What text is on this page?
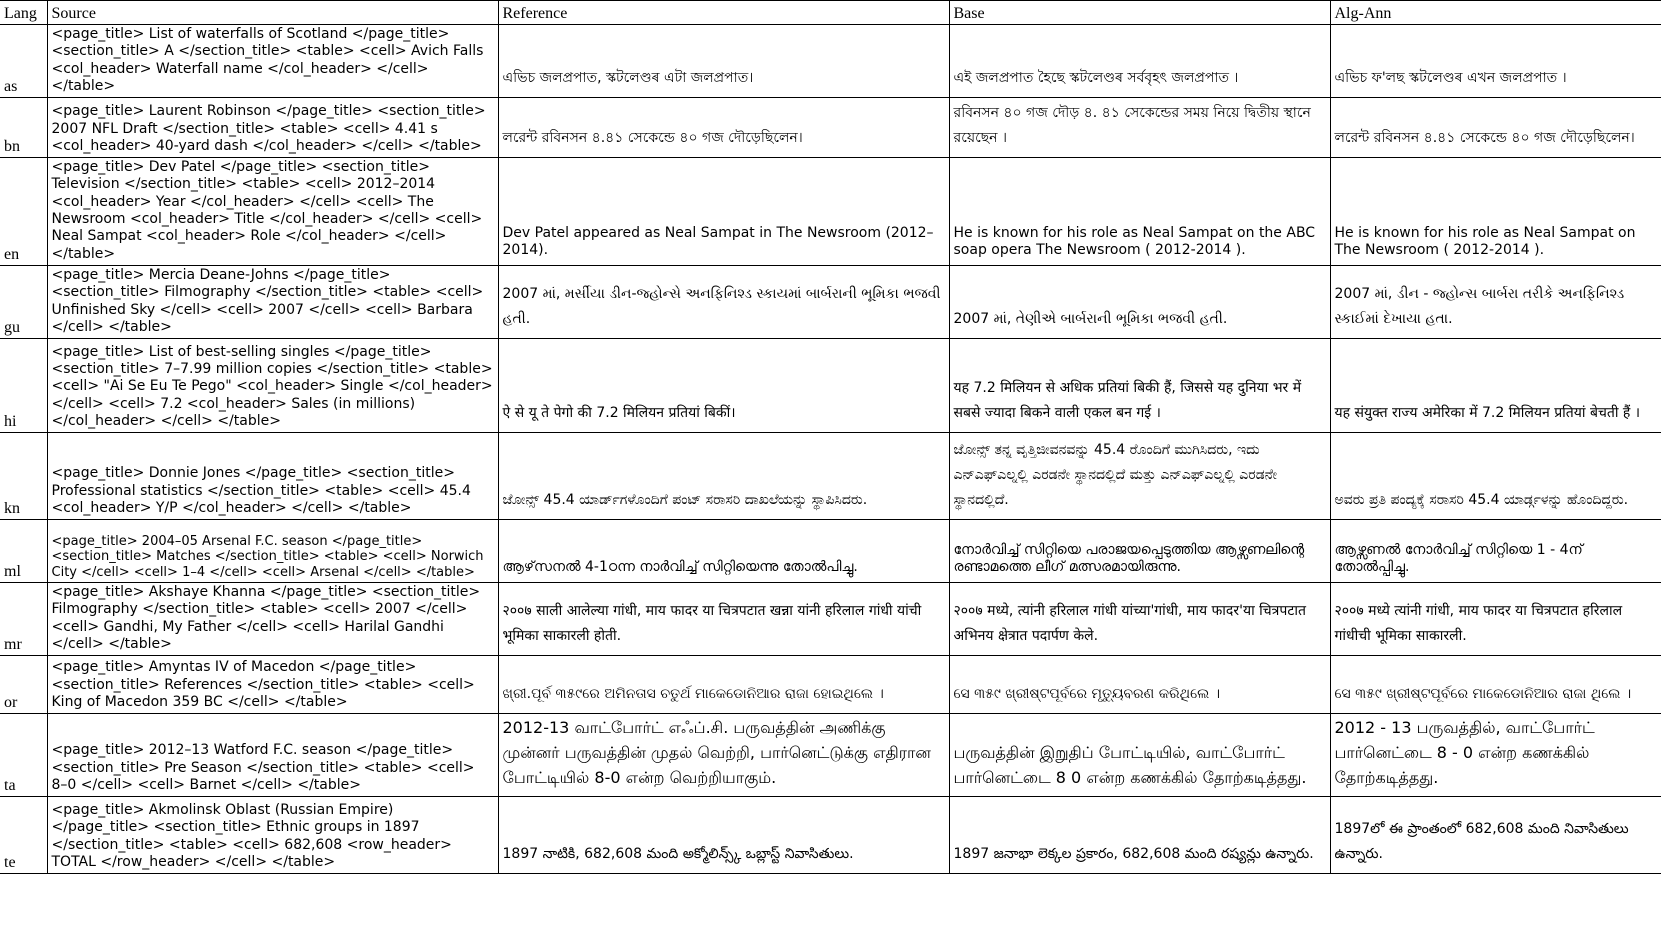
Lang	Source	Reference	Base	Alg-Ann
as	<page_title> List of waterfalls of Scotland </page_title> <section_title> A </section_title> <table> <cell> Avich Falls <col_header> Waterfall name </col_header> </cell> </table>	এভিচ জলপ্ৰপাত, স্কটলেণ্ডৰ এটা জলপ্ৰপাত।	এই জলপ্ৰপাত হৈছে স্কটলেণ্ডৰ সৰ্ববৃহৎ জলপ্ৰপাত ।	এভিচ ফ'লছ স্কটলেণ্ডৰ এখন জলপ্ৰপাত ।
bn	<page_title> Laurent Robinson </page_title> <section_title> 2007 NFL Draft </section_title> <table> <cell> 4.41 s <col_header> 40-yard dash </col_header> </cell> </table>	লরেন্ট রবিনসন ৪.৪১ সেকেন্ডে ৪০ গজ দৌড়েছিলেন।	রবিনসন ৪০ গজ দৌড় ৪. ৪১ সেকেন্ডের সময় নিয়ে দ্বিতীয় স্থানে রয়েছেন ।	লরেন্ট রবিনসন ৪.৪১ সেকেন্ডে ৪০ গজ দৌড়েছিলেন।
en	<page_title> Dev Patel </page_title> <section_title> Television </section_title> <table> <cell> 2012–2014 <col_header> Year </col_header> </cell> <cell> The Newsroom <col_header> Title </col_header> </cell> <cell> Neal Sampat <col_header> Role </col_header> </cell> </table>	Dev Patel appeared as Neal Sampat in The Newsroom (2012–2014).	He is known for his role as Neal Sampat on the ABC soap opera The Newsroom ( 2012-2014 ).	He is known for his role as Neal Sampat on The Newsroom ( 2012-2014 ).
gu	<page_title> Mercia Deane-Johns </page_title> <section_title> Filmography </section_title> <table> <cell> Unfinished Sky </cell> <cell> 2007 </cell> <cell> Barbara </cell> </table>	2007 માં, મર્સીયા ડીન-જ્હોન્સે અનફિનિશ્ડ સ્કાયમાં બાર્બરાની ભૂમિકા ભજવી હતી.	2007 માં, તેણીએ બાર્બરાની ભૂમિકા ભજવી હતી.	2007 માં, ડીન - જ્હોન્સ બાર્બરા તરીકે અનફિનિશ્ડ સ્કાઈમાં દેખાયા હતા.
hi	<page_title> List of best-selling singles </page_title> <section_title> 7–7.99 million copies </section_title> <table> <cell> "Ai Se Eu Te Pego" <col_header> Single </col_header> </cell> <cell> 7.2 <col_header> Sales (in millions) </col_header> </cell> </table>	ऐ से यू ते पेगो की 7.2 मिलियन प्रतियां बिकीं।	यह 7.2 मिलियन से अधिक प्रतियां बिकी हैं, जिससे यह दुनिया भर में सबसे ज्यादा बिकने वाली एकल बन गई ।	यह संयुक्त राज्य अमेरिका में 7.2 मिलियन प्रतियां बेचती हैं ।
kn	<page_title> Donnie Jones </page_title> <section_title> Professional statistics </section_title> <table> <cell> 45.4 <col_header> Y/P </col_header> </cell> </table>	ಜೋನ್ಸ್ 45.4 ಯಾರ್ಡ್‌ಗಳೊಂದಿಗೆ ಪಂಟ್ ಸರಾಸರಿ ದಾಖಲೆಯನ್ನು ಸ್ಥಾಪಿಸಿದರು.	ಜೋನ್ಸ್ ತನ್ನ ವೃತ್ತಿಜೀವನವನ್ನು 45.4 ರೊಂದಿಗೆ ಮುಗಿಸಿದರು, ಇದು ಎನ್ಎಫ್ಎಲ್ನಲ್ಲಿ ಎರಡನೇ ಸ್ಥಾನದಲ್ಲಿದೆ ಮತ್ತು ಎನ್ಎಫ್ಎಲ್ನಲ್ಲಿ ಎರಡನೇ ಸ್ಥಾನದಲ್ಲಿದೆ.	ಅವರು ಪ್ರತಿ ಪಂದ್ಯಕ್ಕೆ ಸರಾಸರಿ 45.4 ಯಾರ್ಡ್ಗಳನ್ನು ಹೊಂದಿದ್ದರು.
ml	<page_title> 2004–05 Arsenal F.C. season </page_title> <section_title> Matches </section_title> <table> <cell> Norwich City </cell> <cell> 1–4 </cell> <cell> Arsenal </cell> </table>	ആഴ്‌സനല്‍ 4-1ഠന്ന നാര്‍വിച്ച് സിറ്റിയെന്നു തോല്‍പിച്ചു.	നോർവിച്ച് സിറ്റിയെ പരാജയപ്പെടുത്തിയ ആഴ്സണലിന്റെ രണ്ടാമത്തെ ലീഗ് മത്സരമായിരുന്നു.	ആഴ്സണൽ നോർവിച്ച് സിറ്റിയെ 1 - 4ന് തോൽപ്പിച്ചു.
mr	<page_title> Akshaye Khanna </page_title> <section_title> Filmography </section_title> <table> <cell> 2007 </cell> <cell> Gandhi, My Father </cell> <cell> Harilal Gandhi </cell> </table>	२००७ साली आलेल्या गांधी, माय फादर या चित्रपटात खन्ना यांनी हरिलाल गांधी यांची भूमिका साकारली होती.	२००७ मध्ये, त्यांनी हरिलाल गांधी यांच्या'गांधी, माय फादर'या चित्रपटात अभिनय क्षेत्रात पदार्पण केले.	२००७ मध्ये त्यांनी गांधी, माय फादर या चित्रपटात हरिलाल गांधीची भूमिका साकारली.
or	<page_title> Amyntas IV of Macedon </page_title> <section_title> References </section_title> <table> <cell> King of Macedon 359 BC </cell> </table>	ଖ୍ରୀ.ପୂର୍ବ ୩୫୯ରେ ଅମିନତାସ ଚତୁର୍ଥ ମାକେଡୋନିଆର ରାଜା ହୋଇଥିଲେ ।	ସେ ୩୫୯ ଖ୍ରୀଷ୍ଟପୂର୍ବରେ ମୃତ୍ୟୁବରଣ କରିଥିଲେ ।	ସେ ୩୫୯ ଖ୍ରୀଷ୍ଟପୂର୍ବରେ ମାକେଡୋନିଆର ରାଜା ଥିଲେ ।
ta	<page_title> 2012–13 Watford F.C. season </page_title> <section_title> Pre Season </section_title> <table> <cell> 8–0 </cell> <cell> Barnet </cell> </table>	2012-13 வாட்போர்ட் எஃப்.சி. பருவத்தின் அணிக்கு முன்னர் பருவத்தின் முதல் வெற்றி, பார்னெட்டுக்கு எதிரான போட்டியில் 8-0 என்ற வெற்றியாகும்.	பருவத்தின் இறுதிப் போட்டியில், வாட்போர்ட் பார்னெட்டை 8 0 என்ற கணக்கில் தோற்கடித்தது.	2012 - 13 பருவத்தில், வாட்போர்ட் பார்னெட்டை 8 - 0 என்ற கணக்கில் தோற்கடித்தது.
te	<page_title> Akmolinsk Oblast (Russian Empire) </page_title> <section_title> Ethnic groups in 1897 </section_title> <table> <cell> 682,608 <row_header> TOTAL </row_header> </cell> </table>	1897 నాటికి, 682,608 మంది అక్మోలిన్స్క్ ఒబ్లాస్ట్ నివాసితులు.	1897 జనాభా లెక్కల ప్రకారం, 682,608 మంది రష్యన్లు ఉన్నారు.	1897లో ఈ ప్రాంతంలో 682,608 మంది నివాసితులు ఉన్నారు.
